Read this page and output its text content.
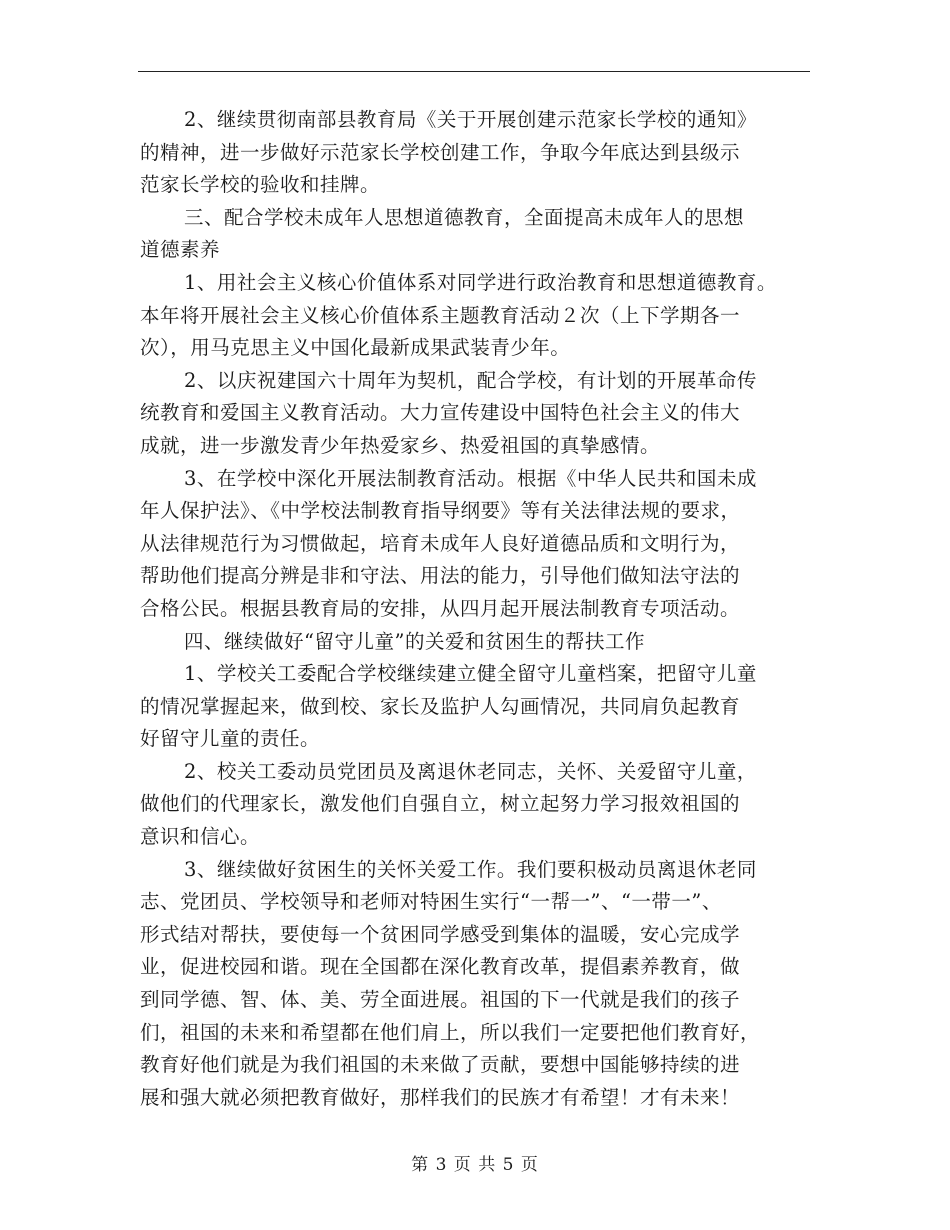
2、继续贯彻南部县教育局《关于开展创建示范家长学校的通知》
的精神，进一步做好示范家长学校创建工作，争取今年底达到县级示
范家长学校的验收和挂牌。
三、配合学校未成年人思想道德教育，全面提高未成年人的思想
道德素养
1、用社会主义核心价值体系对同学进行政治教育和思想道德教育。
本年将开展社会主义核心价值体系主题教育活动２次（上下学期各一
次），用马克思主义中国化最新成果武装青少年。
2、以庆祝建国六十周年为契机，配合学校，有计划的开展革命传
统教育和爱国主义教育活动。大力宣传建设中国特色社会主义的伟大
成就，进一步激发青少年热爱家乡、热爱祖国的真挚感情。
3、在学校中深化开展法制教育活动。根据《中华人民共和国未成
年人保护法》、《中学校法制教育指导纲要》等有关法律法规的要求，
从法律规范行为习惯做起，培育未成年人良好道德品质和文明行为，
帮助他们提高分辨是非和守法、用法的能力，引导他们做知法守法的
合格公民。根据县教育局的安排，从四月起开展法制教育专项活动。
四、继续做好“留守儿童”的关爱和贫困生的帮扶工作
1、学校关工委配合学校继续建立健全留守儿童档案，把留守儿童
的情况掌握起来，做到校、家长及监护人勾画情况，共同肩负起教育
好留守儿童的责任。
2、校关工委动员党团员及离退休老同志，关怀、关爱留守儿童，
做他们的代理家长，激发他们自强自立，树立起努力学习报效祖国的
意识和信心。
3、继续做好贫困生的关怀关爱工作。我们要积极动员离退休老同
志、党团员、学校领导和老师对特困生实行“一帮一”、“一带一”、
形式结对帮扶，要使每一个贫困同学感受到集体的温暖，安心完成学
业，促进校园和谐。现在全国都在深化教育改革，提倡素养教育，做
到同学德、智、体、美、劳全面进展。祖国的下一代就是我们的孩子
们，祖国的未来和希望都在他们肩上，所以我们一定要把他们教育好，
教育好他们就是为我们祖国的未来做了贡献，要想中国能够持续的进
展和强大就必须把教育做好，那样我们的民族才有希望！才有未来！
第 3 页 共 5 页
